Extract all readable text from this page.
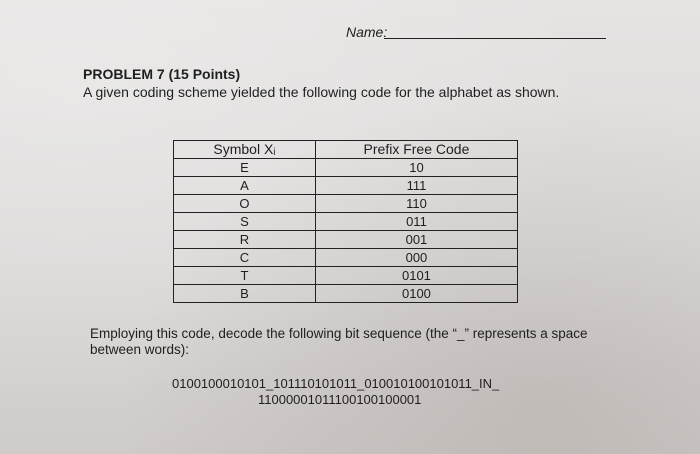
Name:
PROBLEM 7 (15 Points)
A given coding scheme yielded the following code for the alphabet as shown.
Symbol Xᵢ	Prefix Free Code
E	10
A	111
O	110
S	011
R	001
C	000
T	0101
B	0100
Employing this code, decode the following bit sequence (the “_” represents a space between words):
0100100010101_101110101011_010010100101011_IN_
11000001011100100100001
